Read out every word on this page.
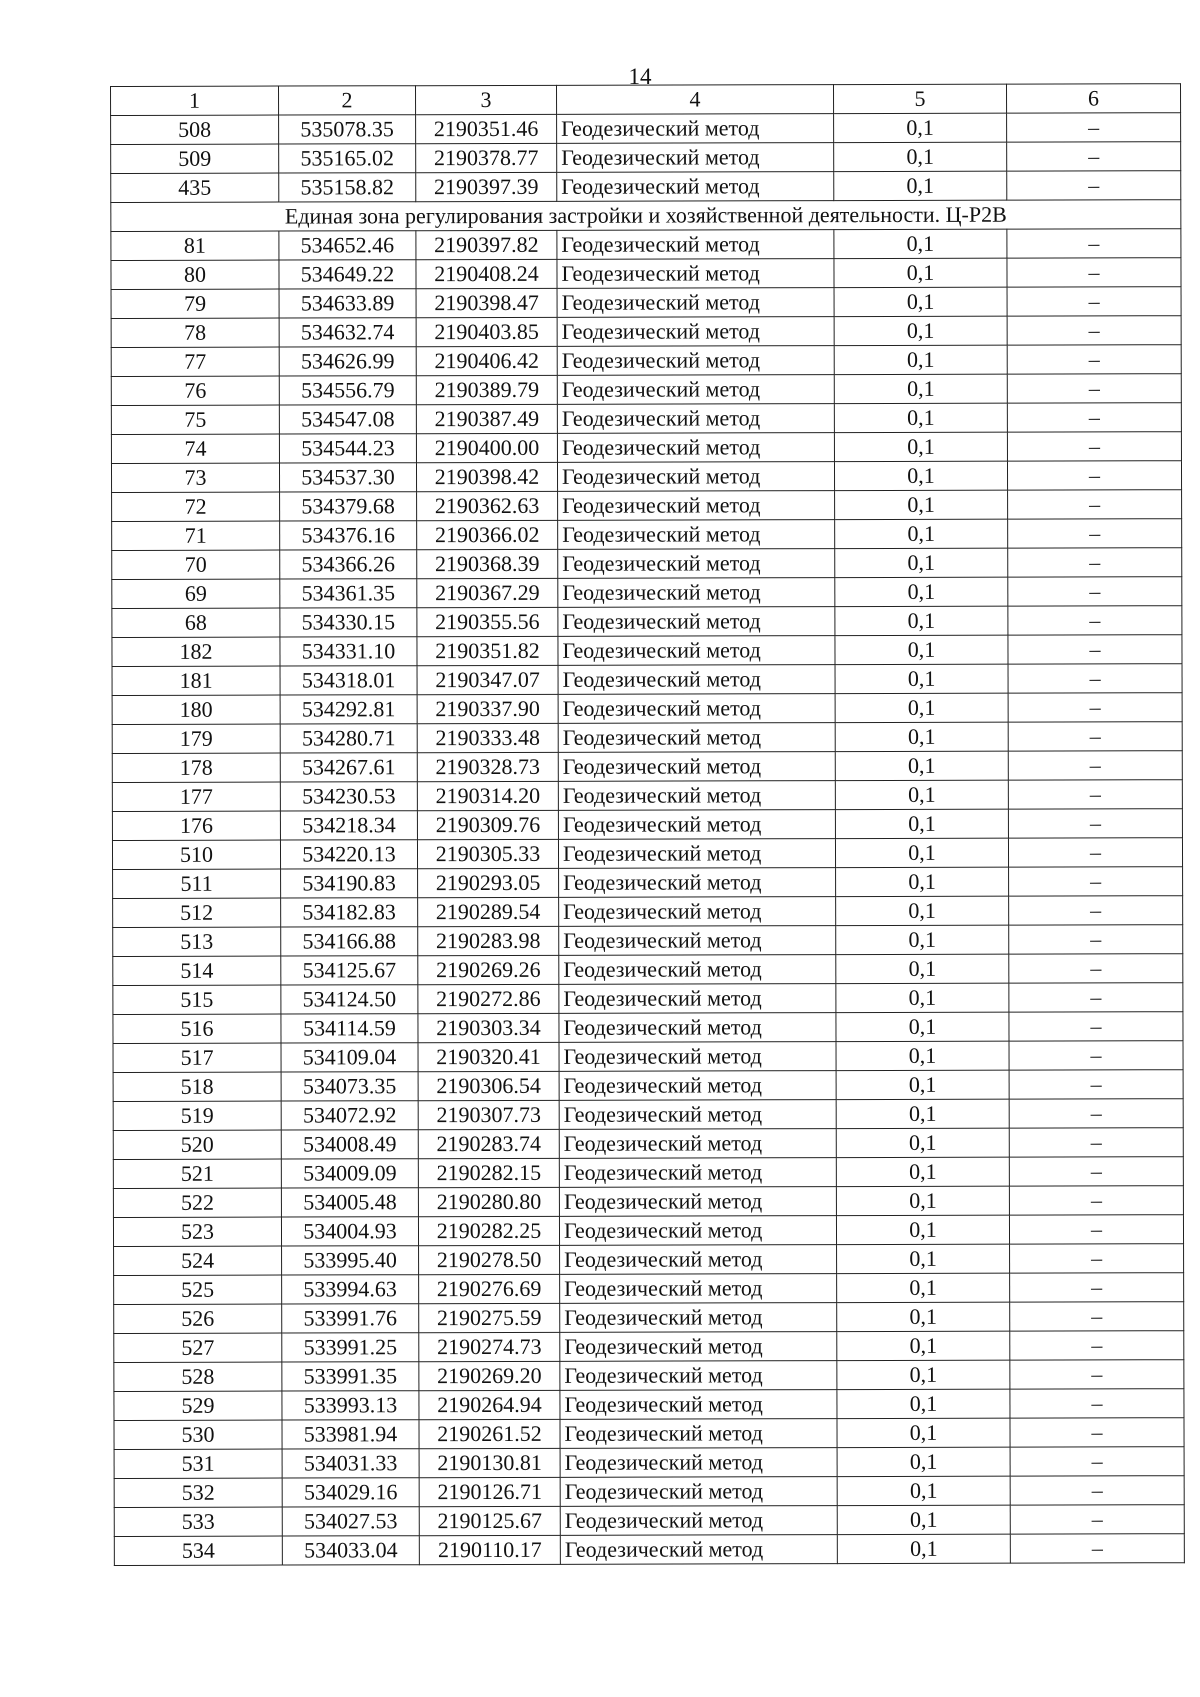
14
1	2	3	4	5	6
508	535078.35	2190351.46	Геодезический метод	0,1	–
509	535165.02	2190378.77	Геодезический метод	0,1	–
435	535158.82	2190397.39	Геодезический метод	0,1	–
Единая зона регулирования застройки и хозяйственной деятельности. Ц-Р2В					
81	534652.46	2190397.82	Геодезический метод	0,1	–
80	534649.22	2190408.24	Геодезический метод	0,1	–
79	534633.89	2190398.47	Геодезический метод	0,1	–
78	534632.74	2190403.85	Геодезический метод	0,1	–
77	534626.99	2190406.42	Геодезический метод	0,1	–
76	534556.79	2190389.79	Геодезический метод	0,1	–
75	534547.08	2190387.49	Геодезический метод	0,1	–
74	534544.23	2190400.00	Геодезический метод	0,1	–
73	534537.30	2190398.42	Геодезический метод	0,1	–
72	534379.68	2190362.63	Геодезический метод	0,1	–
71	534376.16	2190366.02	Геодезический метод	0,1	–
70	534366.26	2190368.39	Геодезический метод	0,1	–
69	534361.35	2190367.29	Геодезический метод	0,1	–
68	534330.15	2190355.56	Геодезический метод	0,1	–
182	534331.10	2190351.82	Геодезический метод	0,1	–
181	534318.01	2190347.07	Геодезический метод	0,1	–
180	534292.81	2190337.90	Геодезический метод	0,1	–
179	534280.71	2190333.48	Геодезический метод	0,1	–
178	534267.61	2190328.73	Геодезический метод	0,1	–
177	534230.53	2190314.20	Геодезический метод	0,1	–
176	534218.34	2190309.76	Геодезический метод	0,1	–
510	534220.13	2190305.33	Геодезический метод	0,1	–
511	534190.83	2190293.05	Геодезический метод	0,1	–
512	534182.83	2190289.54	Геодезический метод	0,1	–
513	534166.88	2190283.98	Геодезический метод	0,1	–
514	534125.67	2190269.26	Геодезический метод	0,1	–
515	534124.50	2190272.86	Геодезический метод	0,1	–
516	534114.59	2190303.34	Геодезический метод	0,1	–
517	534109.04	2190320.41	Геодезический метод	0,1	–
518	534073.35	2190306.54	Геодезический метод	0,1	–
519	534072.92	2190307.73	Геодезический метод	0,1	–
520	534008.49	2190283.74	Геодезический метод	0,1	–
521	534009.09	2190282.15	Геодезический метод	0,1	–
522	534005.48	2190280.80	Геодезический метод	0,1	–
523	534004.93	2190282.25	Геодезический метод	0,1	–
524	533995.40	2190278.50	Геодезический метод	0,1	–
525	533994.63	2190276.69	Геодезический метод	0,1	–
526	533991.76	2190275.59	Геодезический метод	0,1	–
527	533991.25	2190274.73	Геодезический метод	0,1	–
528	533991.35	2190269.20	Геодезический метод	0,1	–
529	533993.13	2190264.94	Геодезический метод	0,1	–
530	533981.94	2190261.52	Геодезический метод	0,1	–
531	534031.33	2190130.81	Геодезический метод	0,1	–
532	534029.16	2190126.71	Геодезический метод	0,1	–
533	534027.53	2190125.67	Геодезический метод	0,1	–
534	534033.04	2190110.17	Геодезический метод	0,1	–
